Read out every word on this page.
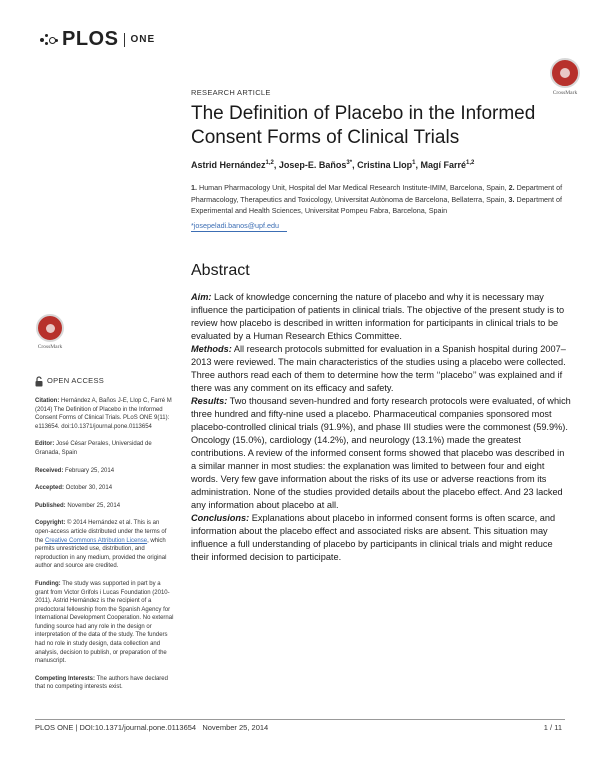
PLOS ONE
CrossMark
RESEARCH ARTICLE
The Definition of Placebo in the Informed Consent Forms of Clinical Trials
Astrid Hernández$^{1,2}$, Josep-E. Baños$^{3*}$, Cristina Llop$^1$, Magí Farré$^{1,2}$
1. Human Pharmacology Unit, Hospital del Mar Medical Research Institute-IMIM, Barcelona, Spain, 2. Department of Pharmacology, Therapeutics and Toxicology, Universitat Autònoma de Barcelona, Bellaterra, Spain, 3. Department of Experimental and Health Sciences, Universitat Pompeu Fabra, Barcelona, Spain
*josepeladi.banos@upf.edu
Abstract

Aim: Lack of knowledge concerning the nature of placebo and why it is necessary may influence the participation of patients in clinical trials. The objective of the present study is to review how placebo is described in written information for participants in clinical trials to be evaluated by a Human Research Ethics Committee.

Methods: All research protocols submitted for evaluation in a Spanish hospital during 2007–2013 were reviewed. The main characteristics of the studies using a placebo were collected. Three authors read each of them to determine how the term ‘‘placebo’’ was explained and if there was any comment on its efficacy and safety.

Results: Two thousand seven-hundred and forty research protocols were evaluated, of which three hundred and fifty-nine used a placebo. Pharmaceutical companies sponsored most placebo-controlled clinical trials (91.9%), and phase III studies were the commonest (59.9%). Oncology (15.0%), cardiology (14.2%), and neurology (13.1%) made the greatest contributions. A review of the informed consent forms showed that placebo was described in a similar manner in most studies: the explanation was limited to between four and eight words. Very few gave information about the risks of its use or adverse reactions from its administration. None of the studies provided details about the placebo effect. And 23 lacked any information about placebo at all.

Conclusions: Explanations about placebo in informed consent forms is often scarce, and information about the placebo effect and associated risks are absent. This situation may influence a full understanding of placebo by participants in clinical trials and might reduce their informed decision to participate.

CrossMark
OPEN ACCESS

Citation: Hernández A, Baños J-E, Llop C, Farré M (2014) The Definition of Placebo in the Informed Consent Forms of Clinical Trials. PLoS ONE 9(11): e113654. doi:10.1371/journal.pone.0113654

Editor: José César Perales, Universidad de Granada, Spain

Received: February 25, 2014

Accepted: October 30, 2014

Published: November 25, 2014

Copyright: © 2014 Hernández et al. This is an open-access article distributed under the terms of the Creative Commons Attribution License, which permits unrestricted use, distribution, and reproduction in any medium, provided the original author and source are credited.

Funding: The study was supported in part by a grant from Victor Grifols i Lucas Foundation (2010-2011). Astrid Hernández is the recipient of a predoctoral fellowship from the Spanish Agency for International Development Cooperation. No external funding source had any role in the design or interpretation of the data of the study. The funders had no role in study design, data collection and analysis, decision to publish, or preparation of the manuscript.

Competing Interests: The authors have declared that no competing interests exist.

PLOS ONE | DOI:10.1371/journal.pone.0113654   November 25, 2014	1 / 11
